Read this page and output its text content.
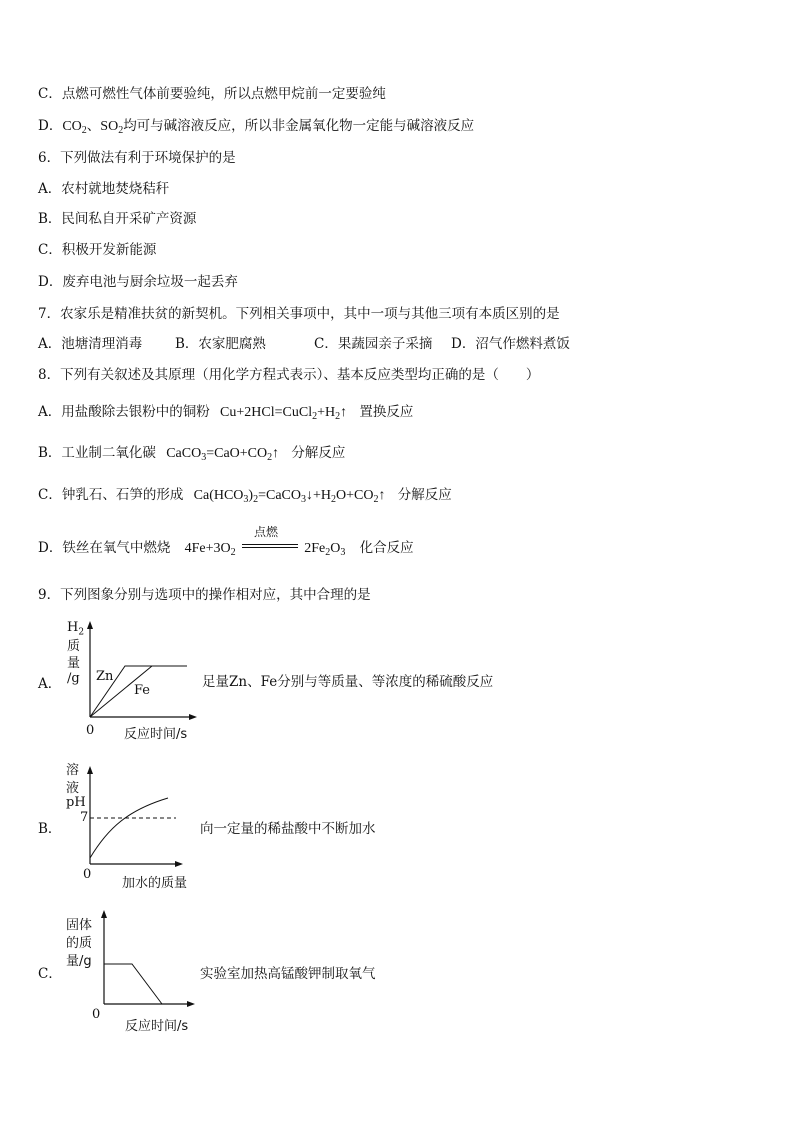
C．点燃可燃性气体前要验纯，所以点燃甲烷前一定要验纯
D．$CO_2$、$SO_2$均可与碱溶液反应，所以非金属氧化物一定能与碱溶液反应
6．下列做法有利于环境保护的是
A．农村就地焚烧秸秆
B．民间私自开采矿产资源
C．积极开发新能源
D．废弃电池与厨余垃圾一起丢弃
7．农家乐是精准扶贫的新契机。下列相关事项中，其中一项与其他三项有本质区别的是
A．池塘清理消毒 B．农家肥腐熟	C．果蔬园亲子采摘 D．沼气作燃料煮饭
8．下列有关叙述及其原理（用化学方程式表示）、基本反应类型均正确的是（　　）
A．用盐酸除去银粉中的铜粉 $Cu+2HCl=CuCl_2+H_2↑$ 置换反应
B．工业制二氧化碳 $CaCO_3=CaO+CO_2↑$ 分解反应
C．钟乳石、石笋的形成 $Ca(HCO_3)_2=CaCO_3↓+H_2O+CO_2↑$ 分解反应
D．铁丝在氧气中燃烧 $4Fe+3O_2$
点燃
$2Fe_2O_3$ 化合反应
9．下列图象分别与选项中的操作相对应，其中合理的是
A．
$H_2$
质
量
/g Zn
Fe
0 反应时间/s
足量Zn、Fe分别与等质量、等浓度的稀硫酸反应
B．
溶
液
pH
7
0
加水的质量
向一定量的稀盐酸中不断加水
C．
固体
的质
量/g
0
反应时间/s
实验室加热高锰酸钾制取氧气
